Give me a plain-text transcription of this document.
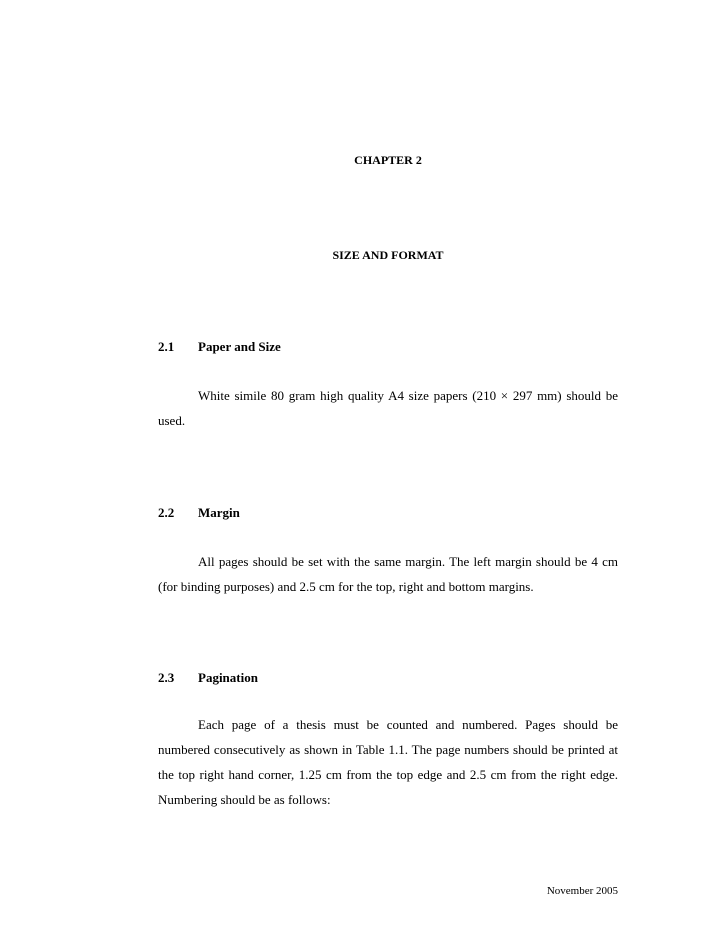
CHAPTER 2
SIZE AND FORMAT
2.1 Paper and Size

White simile 80 gram high quality A4 size papers (210 × 297 mm) should be used.

2.2 Margin

All pages should be set with the same margin. The left margin should be 4 cm (for binding purposes) and 2.5 cm for the top, right and bottom margins.

2.3 Pagination

Each page of a thesis must be counted and numbered. Pages should be numbered consecutively as shown in Table 1.1. The page numbers should be printed at the top right hand corner, 1.25 cm from the top edge and 2.5 cm from the right edge. Numbering should be as follows:

November 2005
